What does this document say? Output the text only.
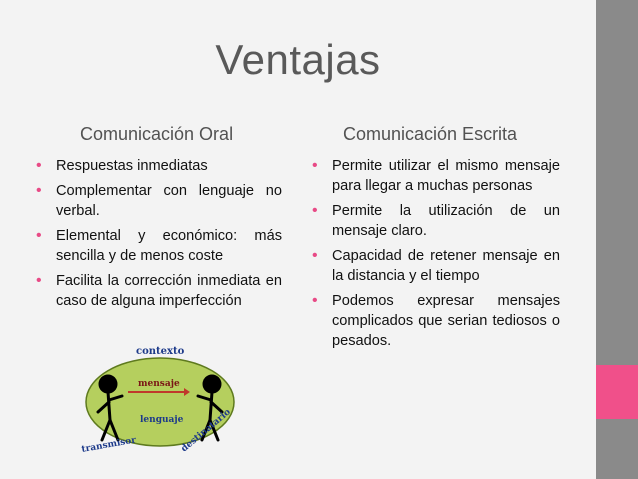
Ventajas
Comunicación Oral	Comunicación Escrita
• Respuestas inmediatas
• Complementar con lenguaje no verbal.
• Elemental y económico: más sencilla y de menos coste
• Facilita la corrección inmediata en caso de alguna imperfección
• Permite utilizar el mismo mensaje para llegar a muchas personas
• Permite la utilización de un mensaje claro.
• Capacidad de retener mensaje en la distancia y el tiempo
• Podemos expresar mensajes complicados que serian tediosos o pesados.
contexto
mensaje
lenguaje
transmisor	destinatario
